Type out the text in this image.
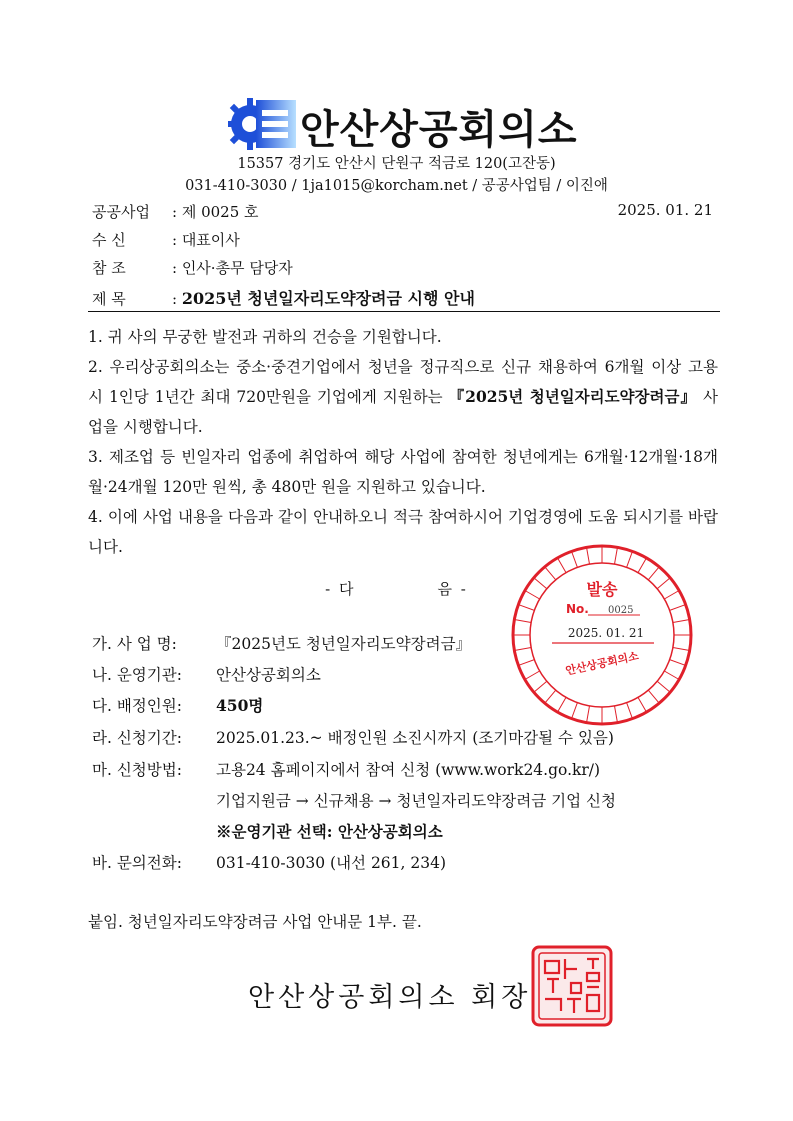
안산상공회의소
15357 경기도 안산시 단원구 적금로 120(고잔동)
031-410-3030 / 1ja1015@korcham.net / 공공사업팀 / 이진애
공공사업 : 제 0025 호	2025. 01. 21
수 신	: 대표이사
참 조	: 인사·총무 담당자
제 목	: 2025년 청년일자리도약장려금 시행 안내

1. 귀 사의 무궁한 발전과 귀하의 건승을 기원합니다.

2. 우리상공회의소는 중소·중견기업에서 청년을 정규직으로 신규 채용하여 6개월 이상 고용 시 1인당 1년간 최대 720만원을 기업에게 지원하는 『2025년 청년일자리도약장려금』 사업을 시행합니다.

3. 제조업 등 빈일자리 업종에 취업하여 해당 사업에 참여한 청년에게는 6개월·12개월·18개월·24개월 120만 원씩, 총 480만 원을 지원하고 있습니다.

4. 이에 사업 내용을 다음과 같이 안내하오니 적극 참여하시어 기업경영에 도움 되시기를 바랍니다.

- 다	음 -
가. 사 업 명:	『2025년도 청년일자리도약장려금』
나. 운영기관: 안산상공회의소
다. 배정인원: 450명
라. 신청기간: 2025.01.23.~ 배정인원 소진시까지 (조기마감될 수 있음)
마. 신청방법: 고용24 홈페이지에서 참여 신청 (www.work24.go.kr/)
기업지원금 → 신규채용 → 청년일자리도약장려금 기업 신청
※운영기관 선택: 안산상공회의소
바. 문의전화: 031-410-3030 (내선 261, 234)
붙임. 청년일자리도약장려금 사업 안내문 1부. 끝.
안산상공회의소 회장
발송
No. 0025
2025. 01. 21
안산상공회의소
